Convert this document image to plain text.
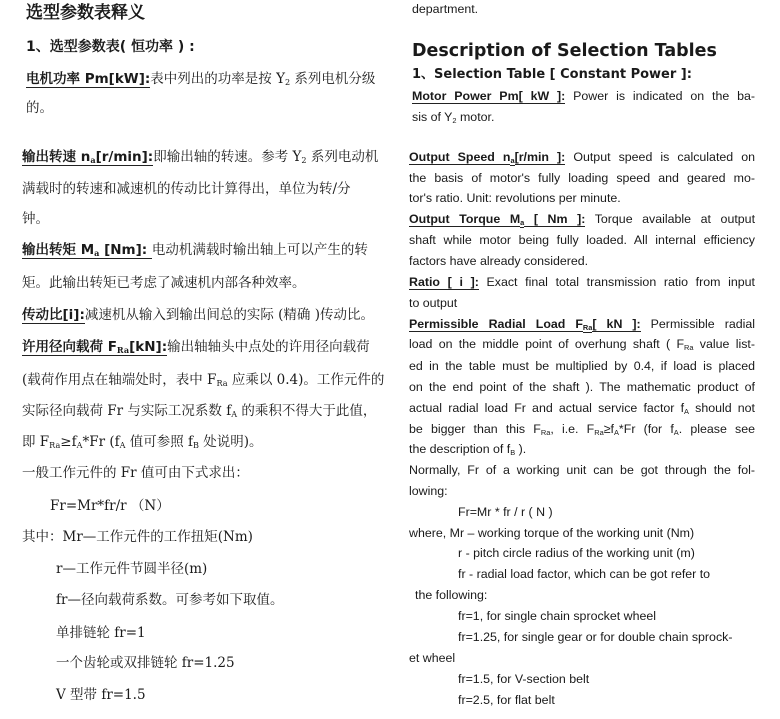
选型参数表释义
1、选型参数表( 恒功率 ) :
电机功率 Pm[kW]:表中列出的功率是按 $Y_2$ 系列电机分级
的。
输出转速 na[r/min]:即输出轴的转速。参考 $Y_2$ 系列电动机
满载时的转速和减速机的传动比计算得出，单位为转/分
钟。
输出转矩 Ma [Nm]: 电动机满载时输出轴上可以产生的转
矩。此输出转矩已考虑了减速机内部各种效率。
传动比[i]:减速机从输入到输出间总的实际 (精确 )传动比。
许用径向载荷 FRa[kN]:输出轴轴头中点处的许用径向载荷
(载荷作用点在轴端处时，表中 $F_{Ra}$ 应乘以 0.4)。工作元件的
实际径向载荷 Fr 与实际工况系数 $f_A$ 的乘积不得大于此值，
即 $F_{Ra}\ge f_A*Fr$ ($f_A$ 值可参照 $f_B$ 处说明)。
一般工作元件的 Fr 值可由下式求出：
Fr=Mr*fr/r （N）
其中：Mr—工作元件的工作扭矩(Nm)
r—工作元件节圆半径(m)
fr—径向载荷系数。可参考如下取值。
单排链轮 fr=1
一个齿轮或双排链轮 fr=1.25
V 型带 fr=1.5
department.
Description of Selection Tables
1、Selection Table [ Constant Power ]:
Motor Power Pm[ kW ]: Power is indicated on the ba-
sis of $Y_2$ motor.
Output Speed na[r/min ]: Output speed is calculated on
the basis of motor's fully loading speed and geared mo-
tor's ratio. Unit: revolutions per minute.
Output Torque Ma [ Nm ]: Torque available at output
shaft while motor being fully loaded. All internal efficiency
factors have already considered.
Ratio [ i ]: Exact final total transmission ratio from input
to output
Permissible Radial Load FRa[ kN ]: Permissible radial
load on the middle point of overhung shaft ( $F_{Ra}$ value list-
ed in the table must be multiplied by 0.4, if load is placed
on the end point of the shaft ). The mathematic product of
actual radial load Fr and actual service factor $f_A$ should not
be bigger than this $F_{Ra}$, i.e. $F_{Ra}\ge f_A*Fr$ (for $f_A$. please see
the description of $f_B$ ).
Normally, Fr of a working unit can be got through the fol-
lowing:
Fr=Mr * fr / r ( N )
where, Mr – working torque of the working unit (Nm)
r - pitch circle radius of the working unit (m)
fr - radial load factor, which can be got refer to
the following:
fr=1, for single chain sprocket wheel
fr=1.25, for single gear or for double chain sprock-
et wheel
fr=1.5, for V-section belt
fr=2.5, for flat belt
